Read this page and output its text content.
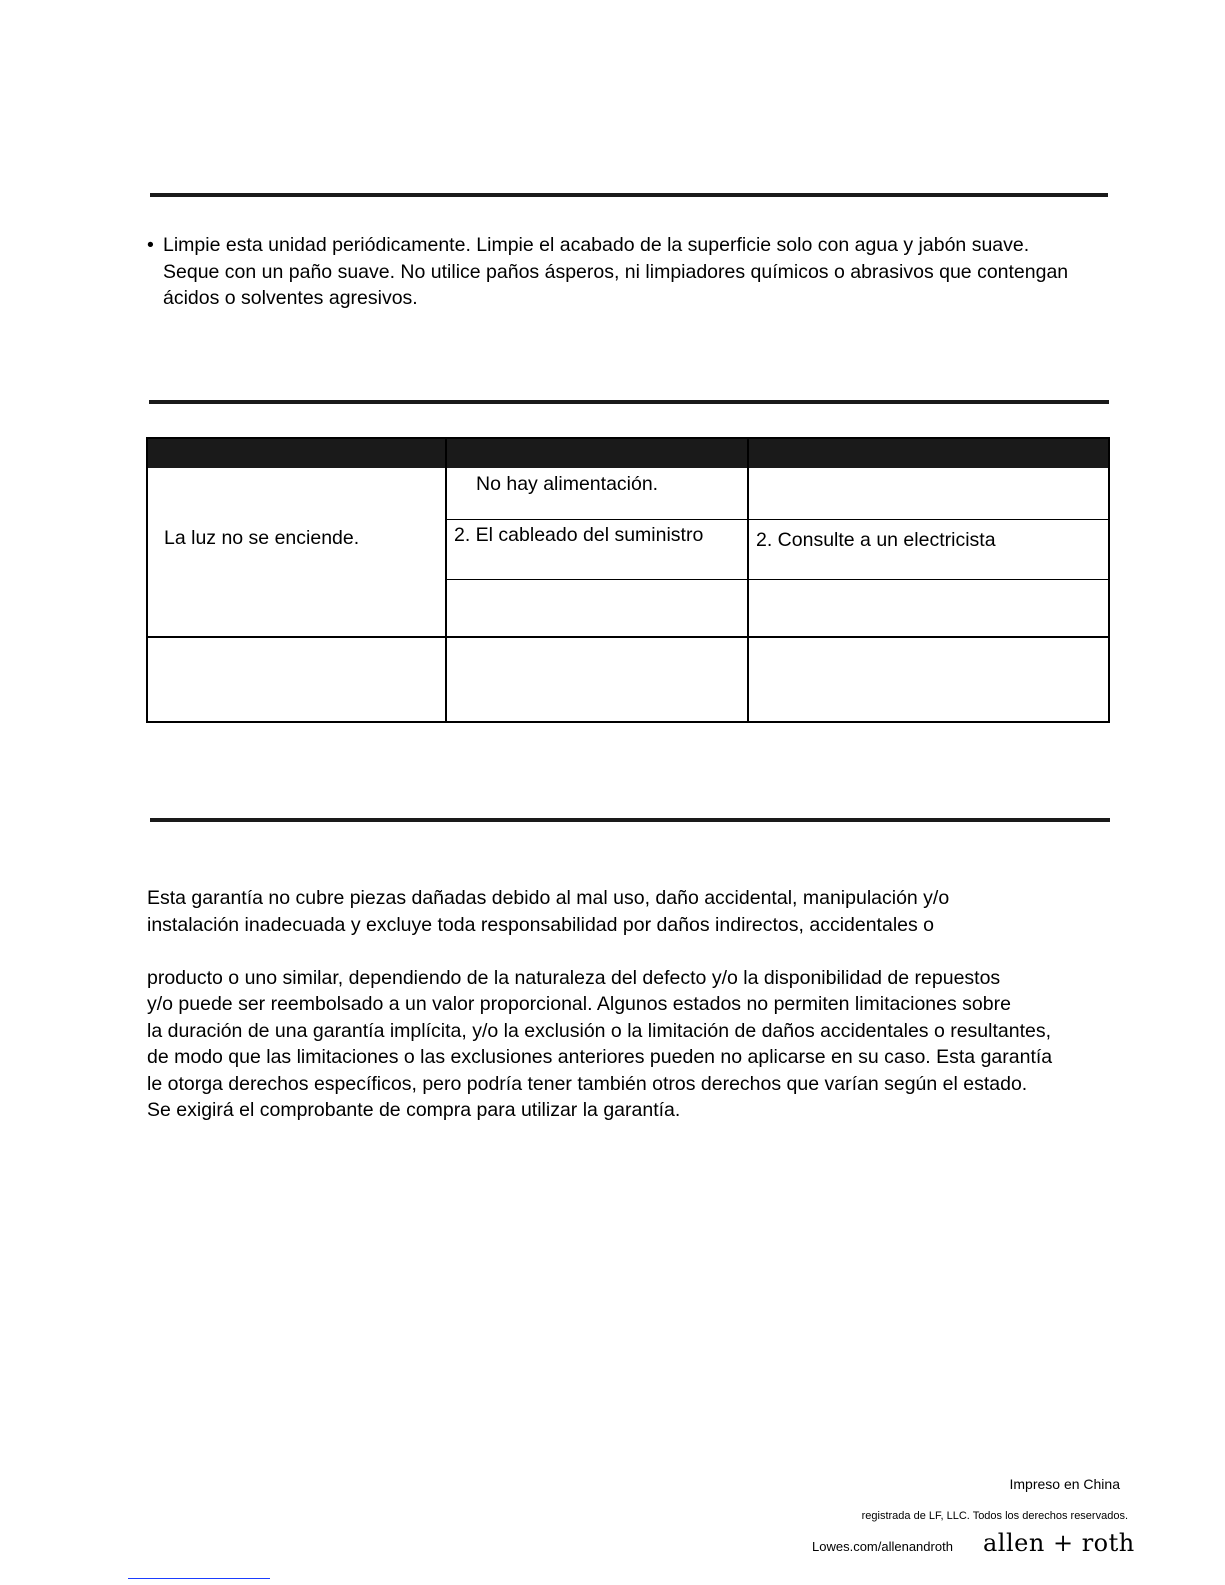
• Limpie esta unidad periódicamente. Limpie el acabado de la superficie solo con agua y jabón suave.
Seque con un paño suave. No utilice paños ásperos, ni limpiadores químicos o abrasivos que contengan
ácidos o solventes agresivos.
La luz no se enciende.
No hay alimentación.
2. El cableado del suministro	2. Consulte a un electricista
Esta garantía no cubre piezas dañadas debido al mal uso, daño accidental, manipulación y/o
instalación inadecuada y excluye toda responsabilidad por daños indirectos, accidentales o
producto o uno similar, dependiendo de la naturaleza del defecto y/o la disponibilidad de repuestos
y/o puede ser reembolsado a un valor proporcional. Algunos estados no permiten limitaciones sobre
la duración de una garantía implícita, y/o la exclusión o la limitación de daños accidentales o resultantes,
de modo que las limitaciones o las exclusiones anteriores pueden no aplicarse en su caso. Esta garantía
le otorga derechos específicos, pero podría tener también otros derechos que varían según el estado.
Se exigirá el comprobante de compra para utilizar la garantía.
Impreso en China
registrada de LF, LLC. Todos los derechos reservados.
Lowes.com/allenandroth allen + roth
